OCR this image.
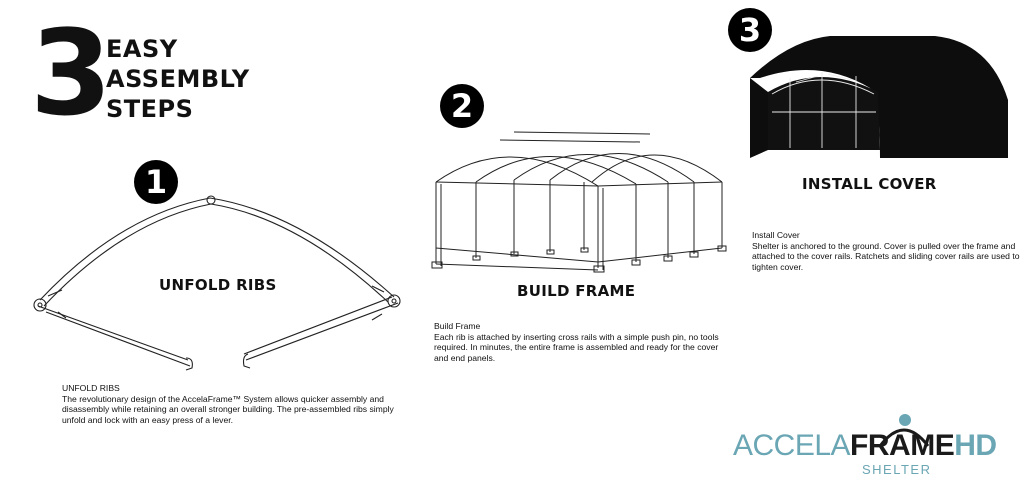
3
EASY
ASSEMBLY
STEPS
1
UNFOLD RIBS
UNFOLD RIBS
The revolutionary design of the AccelaFrame™ System allows quicker assembly and disassembly while retaining an overall stronger building. The pre-assembled ribs simply unfold and lock with an easy press of a lever.
2
BUILD FRAME
Build Frame
Each rib is attached by inserting cross rails with a simple push pin, no tools required. In minutes, the entire frame is assembled and ready for the cover and end panels.
3
INSTALL COVER
Install Cover
Shelter is anchored to the ground. Cover is pulled over the frame and attached to the cover rails. Ratchets and sliding cover rails are used to tighten cover.
ACCELAFRAMEHD
SHELTER
